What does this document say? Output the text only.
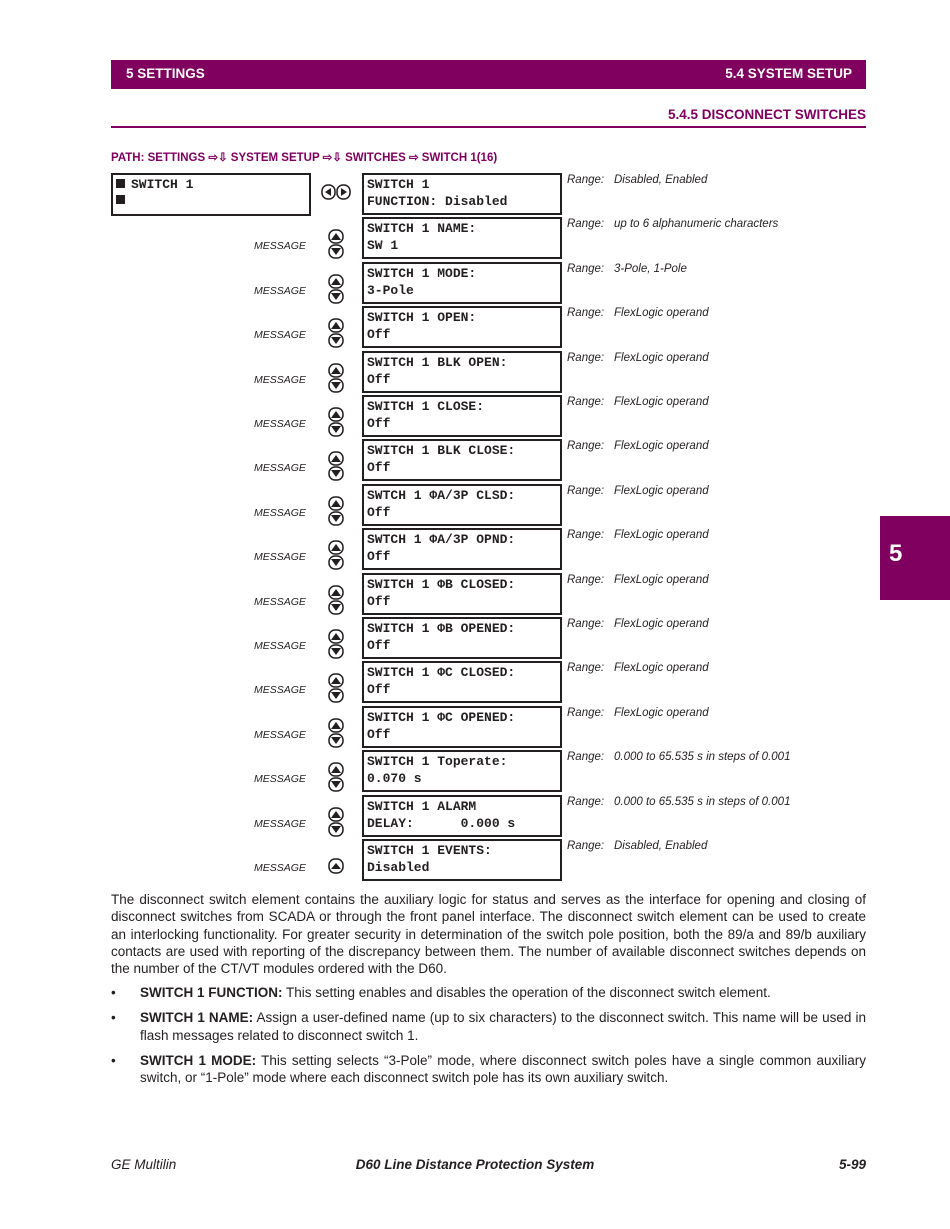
5 SETTINGS	5.4 SYSTEM SETUP
5.4.5 DISCONNECT SWITCHES
PATH: SETTINGS ⇨⇩ SYSTEM SETUP ⇨⇩ SWITCHES ⇨ SWITCH 1(16)
SWITCH 1	SWITCH 1
FUNCTION: Disabled
Range: Disabled, Enabled
MESSAGE
SWITCH 1 NAME:
SW 1
Range: up to 6 alphanumeric characters
MESSAGE
SWITCH 1 MODE:
3-Pole
Range: 3-Pole, 1-Pole
MESSAGE
SWITCH 1 OPEN:
Off
Range: FlexLogic operand
MESSAGE
SWITCH 1 BLK OPEN:
Off
Range: FlexLogic operand
MESSAGE
SWITCH 1 CLOSE:
Off
Range: FlexLogic operand
MESSAGE
SWITCH 1 BLK CLOSE:
Off
Range: FlexLogic operand
MESSAGE
SWTCH 1 ΦA/3P CLSD:
Off
Range: FlexLogic operand
MESSAGE
SWTCH 1 ΦA/3P OPND:
Off
Range: FlexLogic operand
MESSAGE
SWITCH 1 ΦB CLOSED:
Off
Range: FlexLogic operand
MESSAGE
SWITCH 1 ΦB OPENED:
Off
Range: FlexLogic operand
MESSAGE
SWITCH 1 ΦC CLOSED:
Off
Range: FlexLogic operand
MESSAGE
SWITCH 1 ΦC OPENED:
Off
Range: FlexLogic operand
MESSAGE
SWITCH 1 Toperate:
0.070 s
Range: 0.000 to 65.535 s in steps of 0.001
MESSAGE
SWITCH 1 ALARM
DELAY:      0.000 s
Range: 0.000 to 65.535 s in steps of 0.001
MESSAGE
SWITCH 1 EVENTS:
Disabled
Range: Disabled, Enabled
The disconnect switch element contains the auxiliary logic for status and serves as the interface for opening and closing of disconnect switches from SCADA or through the front panel interface. The disconnect switch element can be used to create an interlocking functionality. For greater security in determination of the switch pole position, both the 89/a and 89/b auxiliary contacts are used with reporting of the discrepancy between them. The number of available disconnect switches depends on the number of the CT/VT modules ordered with the D60.
• SWITCH 1 FUNCTION: This setting enables and disables the operation of the disconnect switch element.
• SWITCH 1 NAME: Assign a user-defined name (up to six characters) to the disconnect switch. This name will be used in flash messages related to disconnect switch 1.
• SWITCH 1 MODE: This setting selects “3-Pole” mode, where disconnect switch poles have a single common auxiliary switch, or “1-Pole” mode where each disconnect switch pole has its own auxiliary switch.
5
GE Multilin	D60 Line Distance Protection System	5-99
